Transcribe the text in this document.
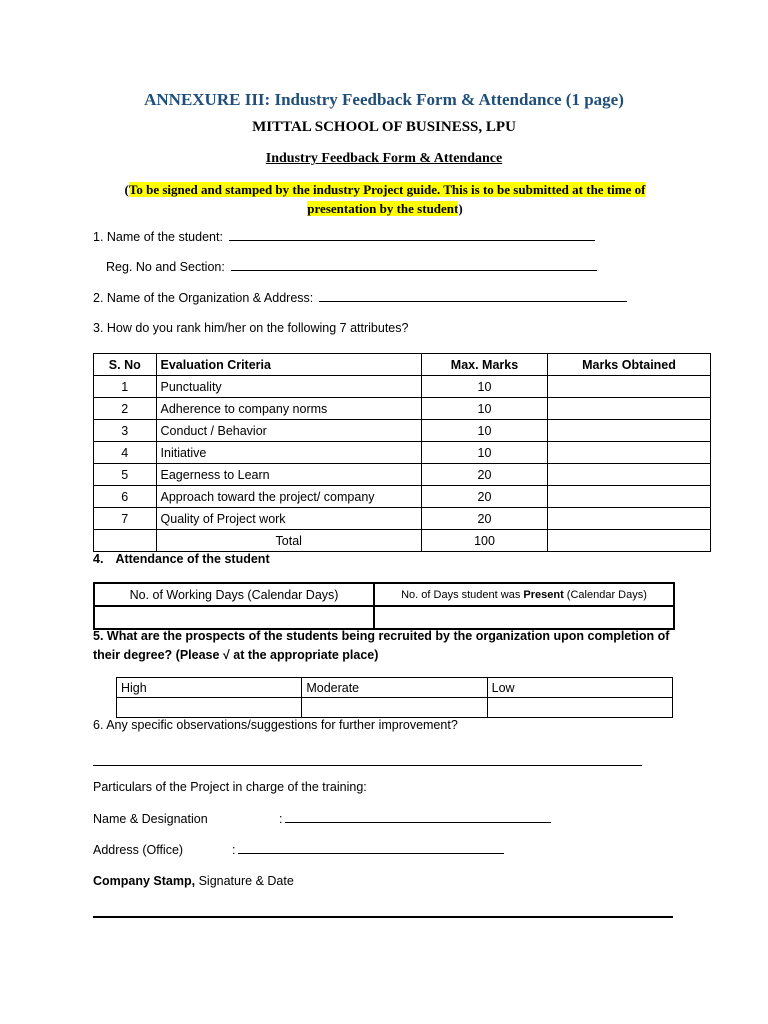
ANNEXURE III: Industry Feedback Form & Attendance (1 page)
MITTAL SCHOOL OF BUSINESS, LPU
Industry Feedback Form & Attendance
(To be signed and stamped by the industry Project guide. This is to be submitted at the time of presentation by the student)
1. Name of the student:
Reg. No and Section:
2. Name of the Organization & Address:
3. How do you rank him/her on the following 7 attributes?
S. No	Evaluation Criteria	Max. Marks	Marks Obtained
1	Punctuality	10	
2	Adherence to company norms	10	
3	Conduct / Behavior	10	
4	Initiative	10	
5	Eagerness to Learn	20	
6	Approach toward the project/ company	20	
7	Quality of Project work	20	
	Total	100	
4. Attendance of the student
No. of Working Days (Calendar Days)	No. of Days student was Present (Calendar Days)

5. What are the prospects of the students being recruited by the organization upon completion of
their degree? (Please √ at the appropriate place)
High	Moderate	Low

6. Any specific observations/suggestions for further improvement?
Particulars of the Project in charge of the training:
Name & Designation	:
Address (Office)	:
Company Stamp, Signature & Date
